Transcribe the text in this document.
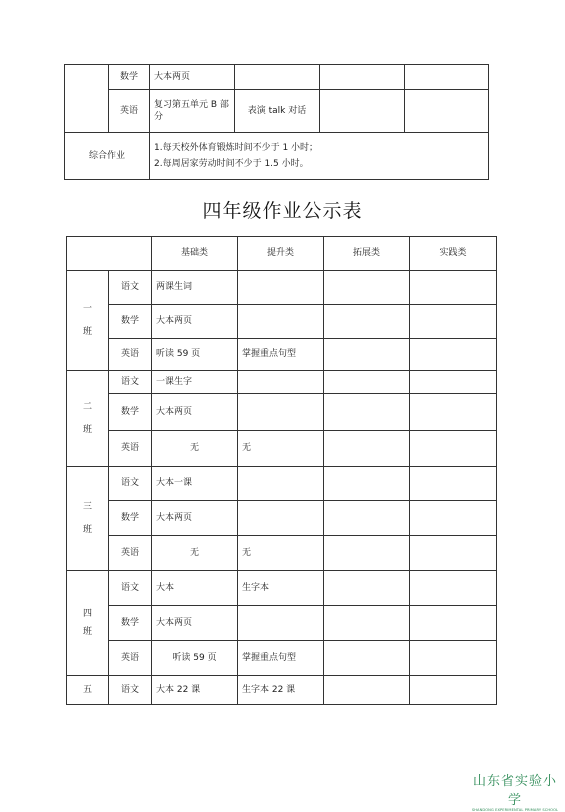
	数学	大本两页			
	英语	复习第五单元 B 部分	表演 talk 对话		
综合作业		1.每天校外体育锻炼时间不少于 1 小时；
2.每周居家劳动时间不少于 1.5 小时。			
四年级作业公示表
		基础类	提升类	拓展类	实践类

一
班	语文	两课生词			
	数学	大本两页			
	英语	听读 59 页	掌握重点句型		

二
班	语文	一课生字			
	数学	大本两页			
	英语	无	无		

三
班	语文	大本一课			
	数学	大本两页			
	英语	无	无		

四
班	语文	大本	生字本		
	数学	大本两页			
	英语	听读 59 页	掌握重点句型		

五	语文	大本 22 课	生字本 22 课		
山东省实验小学
SHANDONG EXPERIMENTAL PRIMARY SCHOOL
